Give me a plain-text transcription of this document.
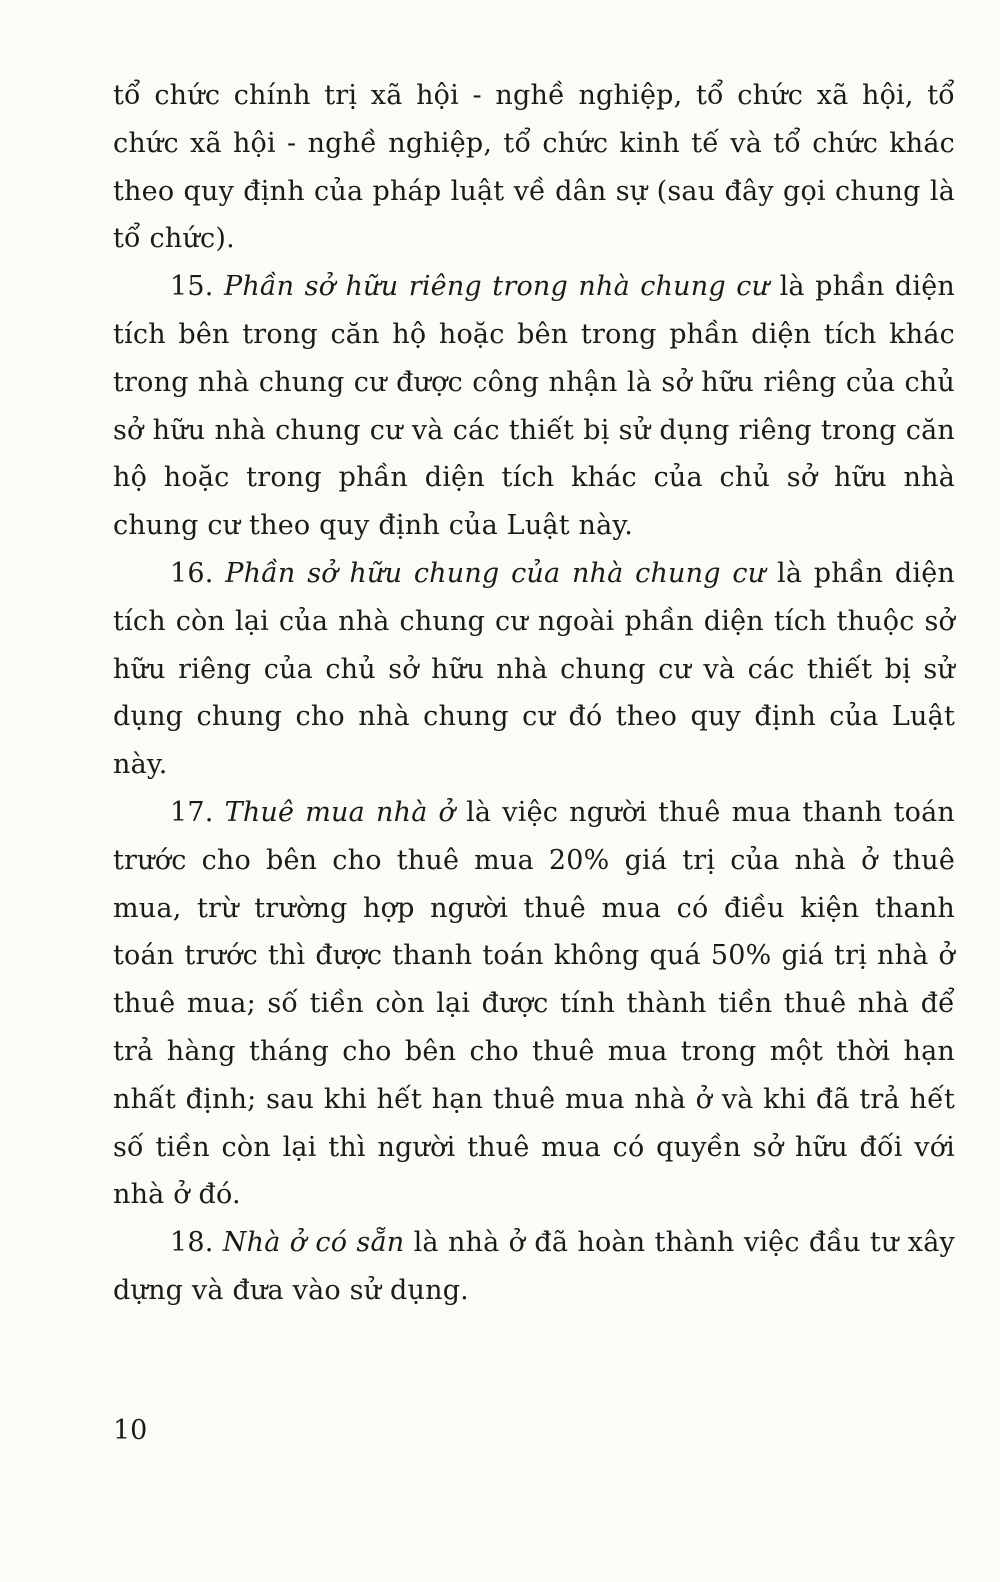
tổ chức chính trị xã hội - nghề nghiệp, tổ chức xã hội, tổ chức xã hội - nghề nghiệp, tổ chức kinh tế và tổ chức khác theo quy định của pháp luật về dân sự (sau đây gọi chung là tổ chức).

15. Phần sở hữu riêng trong nhà chung cư là phần diện tích bên trong căn hộ hoặc bên trong phần diện tích khác trong nhà chung cư được công nhận là sở hữu riêng của chủ sở hữu nhà chung cư và các thiết bị sử dụng riêng trong căn hộ hoặc trong phần diện tích khác của chủ sở hữu nhà chung cư theo quy định của Luật này.

16. Phần sở hữu chung của nhà chung cư là phần diện tích còn lại của nhà chung cư ngoài phần diện tích thuộc sở hữu riêng của chủ sở hữu nhà chung cư và các thiết bị sử dụng chung cho nhà chung cư đó theo quy định của Luật này.

17. Thuê mua nhà ở là việc người thuê mua thanh toán trước cho bên cho thuê mua 20% giá trị của nhà ở thuê mua, trừ trường hợp người thuê mua có điều kiện thanh toán trước thì được thanh toán không quá 50% giá trị nhà ở thuê mua; số tiền còn lại được tính thành tiền thuê nhà để trả hàng tháng cho bên cho thuê mua trong một thời hạn nhất định; sau khi hết hạn thuê mua nhà ở và khi đã trả hết số tiền còn lại thì người thuê mua có quyền sở hữu đối với nhà ở đó.

18. Nhà ở có sẵn là nhà ở đã hoàn thành việc đầu tư xây dựng và đưa vào sử dụng.

10
